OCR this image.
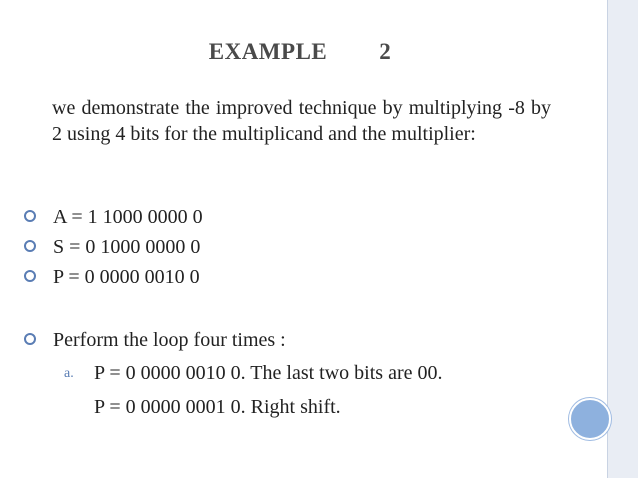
EXAMPLE 2
we demonstrate the improved technique by multiplying -8 by 2 using 4 bits for the multiplicand and the multiplier:
A = 1 1000 0000 0
S = 0 1000 0000 0
P = 0 0000 0010 0
Perform the loop four times :
a. P = 0 0000 0010 0. The last two bits are 00.
P = 0 0000 0001 0. Right shift.
